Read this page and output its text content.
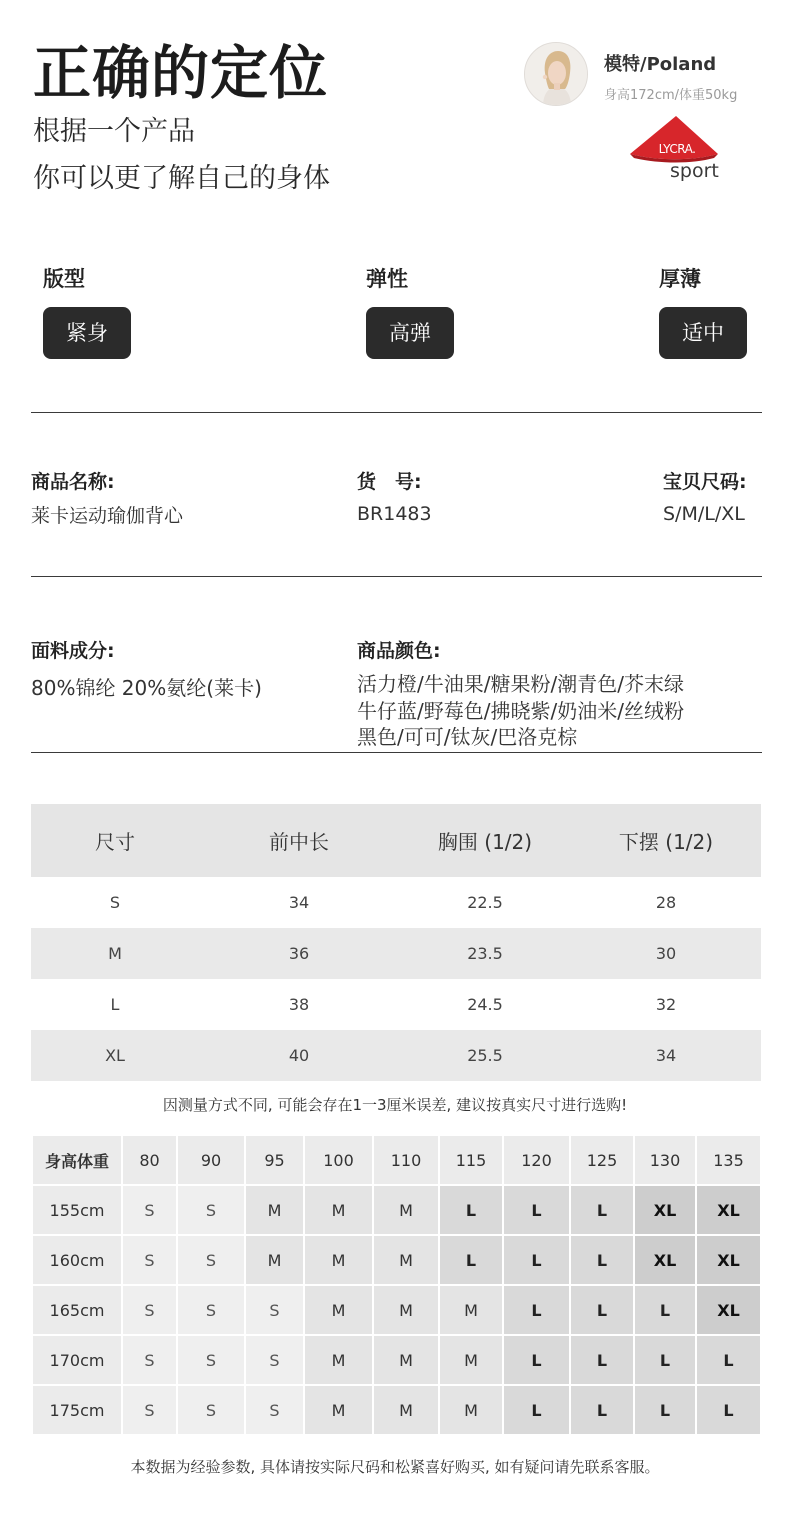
正确的定位
根据一个产品
你可以更了解自己的身体
模特/Poland
身高172cm/体重50kg
LYCRA.
sport
版型
紧身
弹性
高弹
厚薄
适中
商品名称:
莱卡运动瑜伽背心
货　号:
BR1483
宝贝尺码:
S/M/L/XL
面料成分:
80%锦纶 20%氨纶(莱卡)
商品颜色:
活力橙/牛油果/糖果粉/潮青色/芥末绿
牛仔蓝/野莓色/拂晓紫/奶油米/丝绒粉
黑色/可可/钛灰/巴洛克棕
尺寸	前中长	胸围 (1/2)	下摆 (1/2)
S	34	22.5	28
M	36	23.5	30
L	38	24.5	32
XL	40	25.5	34
因测量方式不同, 可能会存在1一3厘米误差, 建议按真实尺寸进行选购!
身高体重	80	90	95	100	110	115	120	125	130	135
155cm	S	S	M	M	M	L	L	L	XL	XL
160cm	S	S	M	M	M	L	L	L	XL	XL
165cm	S	S	S	M	M	M	L	L	L	XL
170cm	S	S	S	M	M	M	L	L	L	L
175cm	S	S	S	M	M	M	L	L	L	L
本数据为经验参数, 具体请按实际尺码和松紧喜好购买, 如有疑问请先联系客服。
